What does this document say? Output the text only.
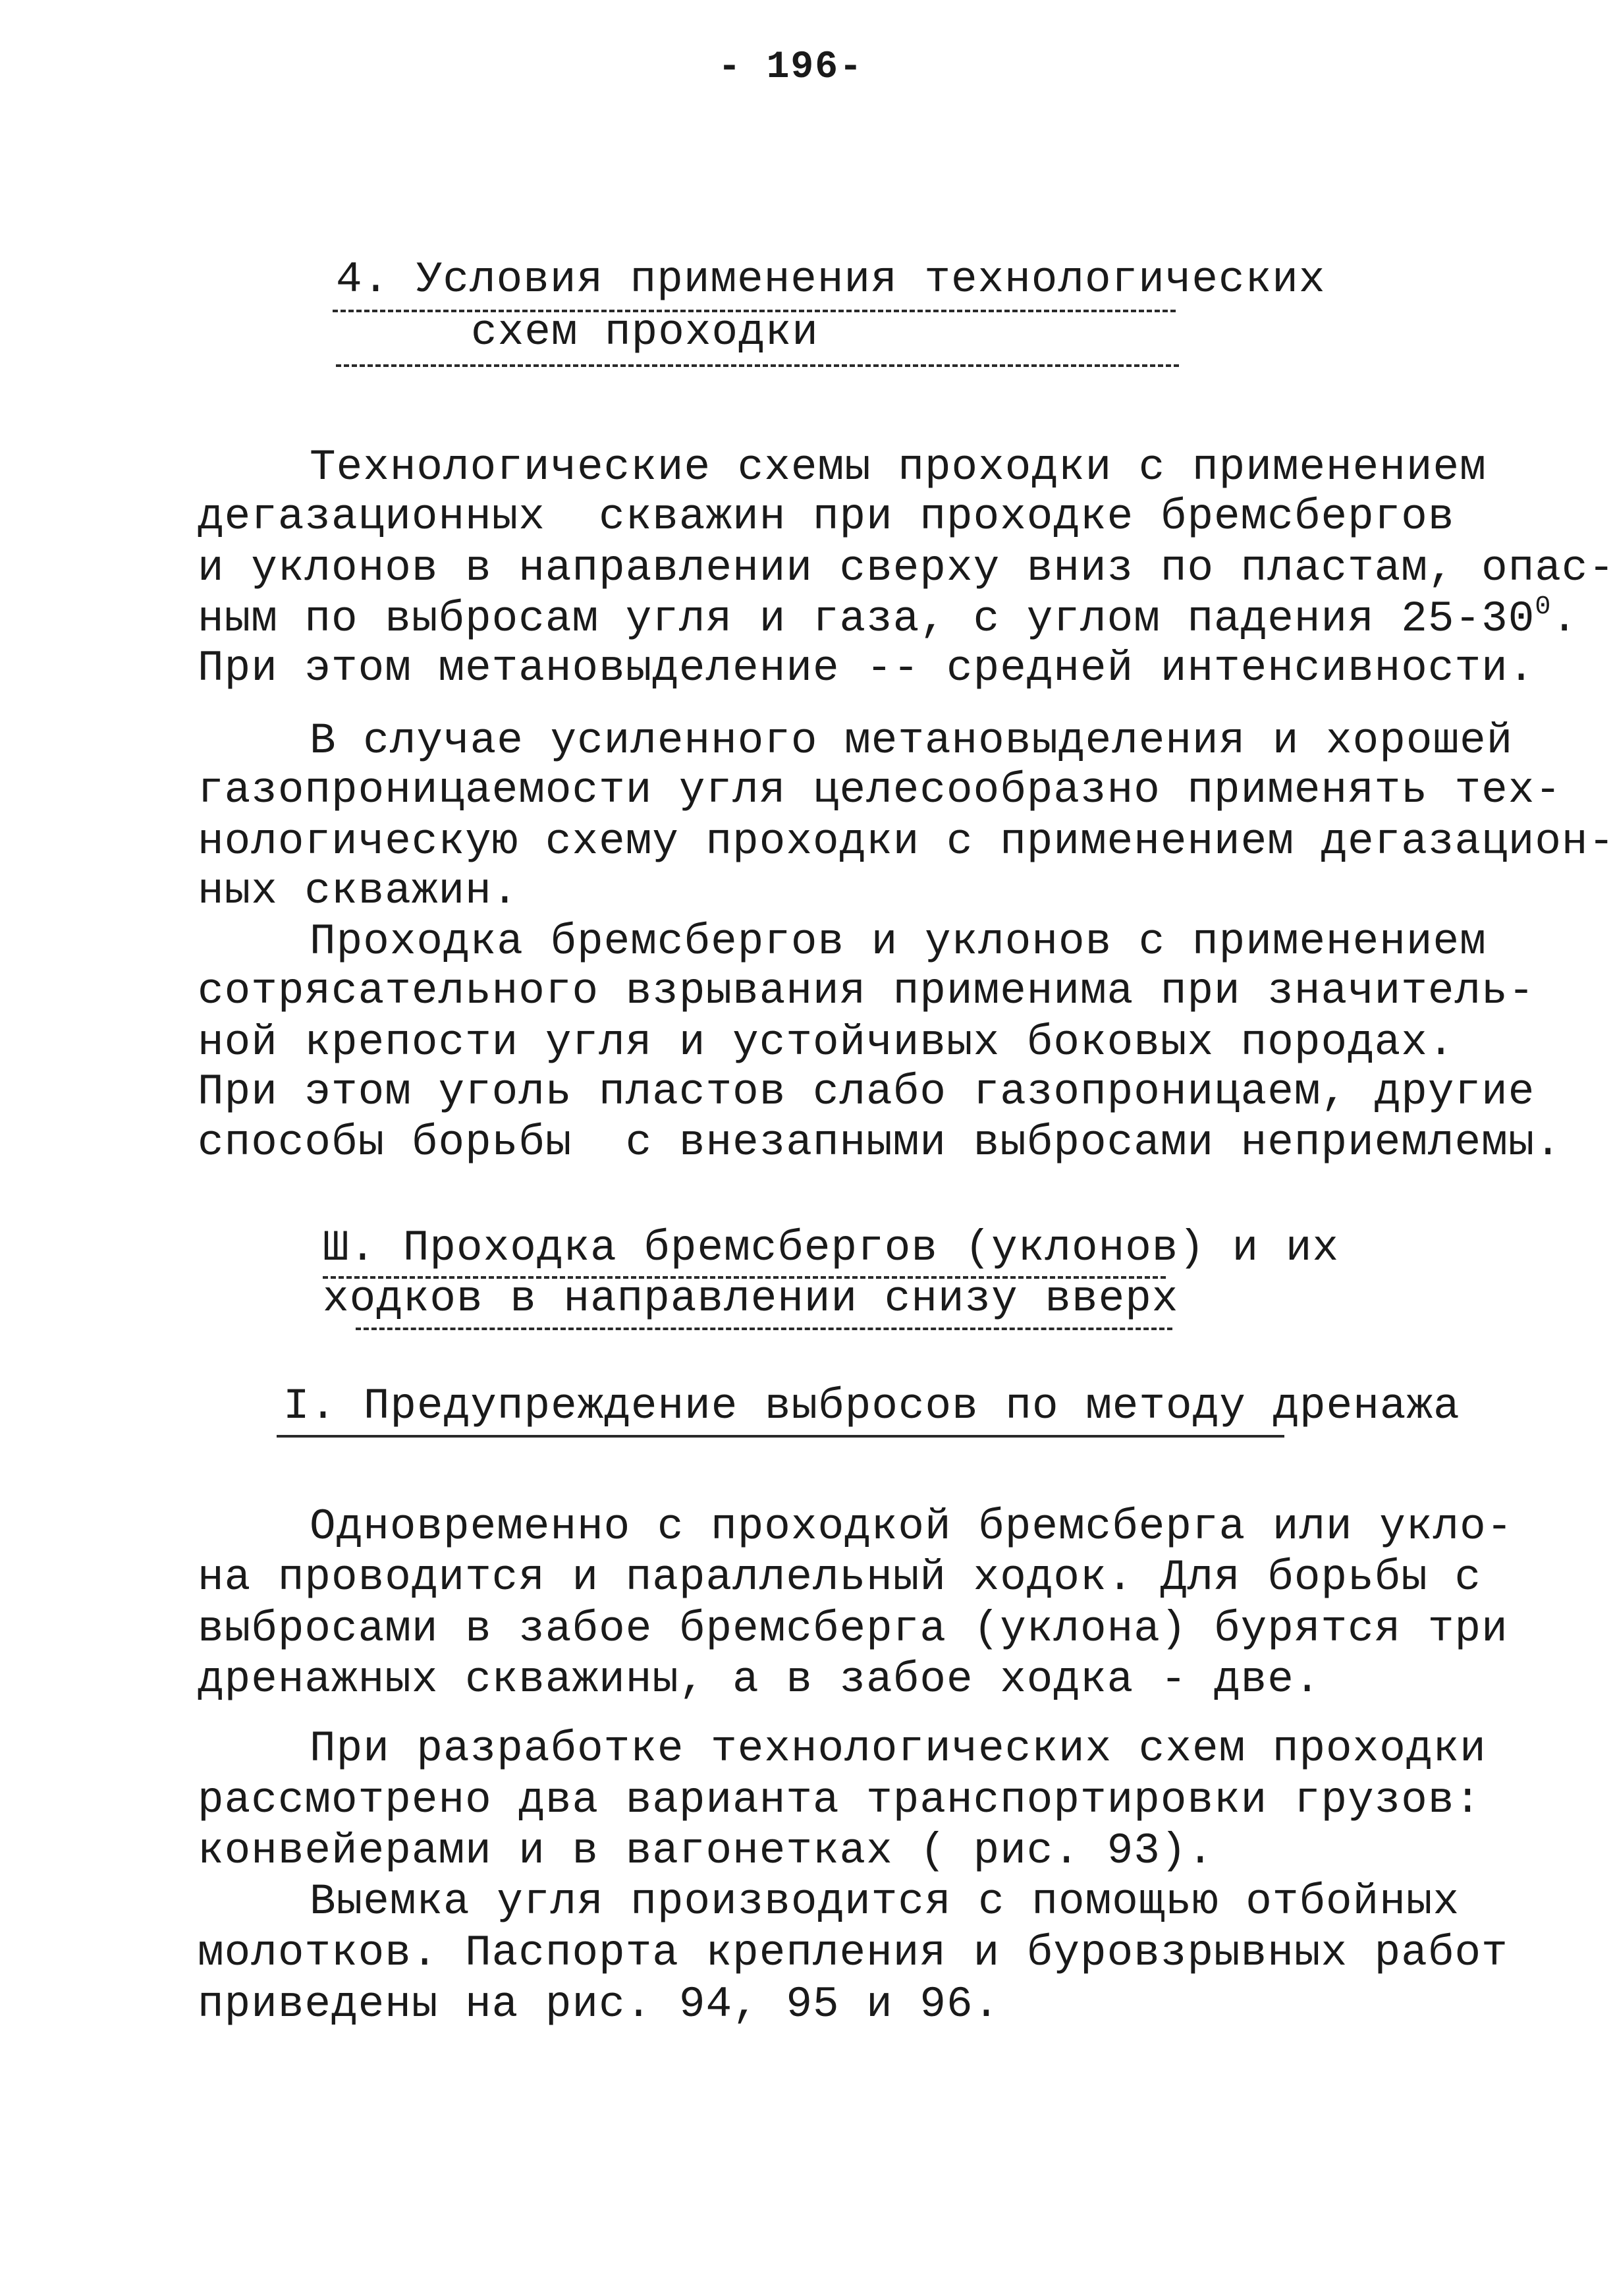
- 196-
4. Условия применения технологических
схем проходки
Технологические схемы проходки с применением
дегазационных  скважин при проходке бремсбергов
и уклонов в направлении сверху вниз по пластам, опас-
ным по выбросам угля и газа, с углом падения $25-30^0$.
При этом метановыделение -- средней интенсивности.
В случае усиленного метановыделения и хорошей
газопроницаемости угля целесообразно применять тех-
нологическую схему проходки с применением дегазацион-
ных скважин.
Проходка бремсбергов и уклонов с применением
сотрясательного взрывания применима при значитель-
ной крепости угля и устойчивых боковых породах.
При этом уголь пластов слабо газопроницаем, другие
способы борьбы  с внезапными выбросами неприемлемы.
Ш. Проходка бремсбергов (уклонов) и их
ходков в направлении снизу вверх
I. Предупреждение выбросов по методу дренажа
Одновременно с проходкой бремсберга или укло-
на проводится и параллельный ходок. Для борьбы с
выбросами в забое бремсберга (уклона) бурятся три
дренажных скважины, а в забое ходка - две.
При разработке технологических схем проходки
рассмотрено два варианта транспортировки грузов:
конвейерами и в вагонетках ( рис. 93).
Выемка угля производится с помощью отбойных
молотков. Паспорта крепления и буровзрывных работ
приведены на рис. 94, 95 и 96.
